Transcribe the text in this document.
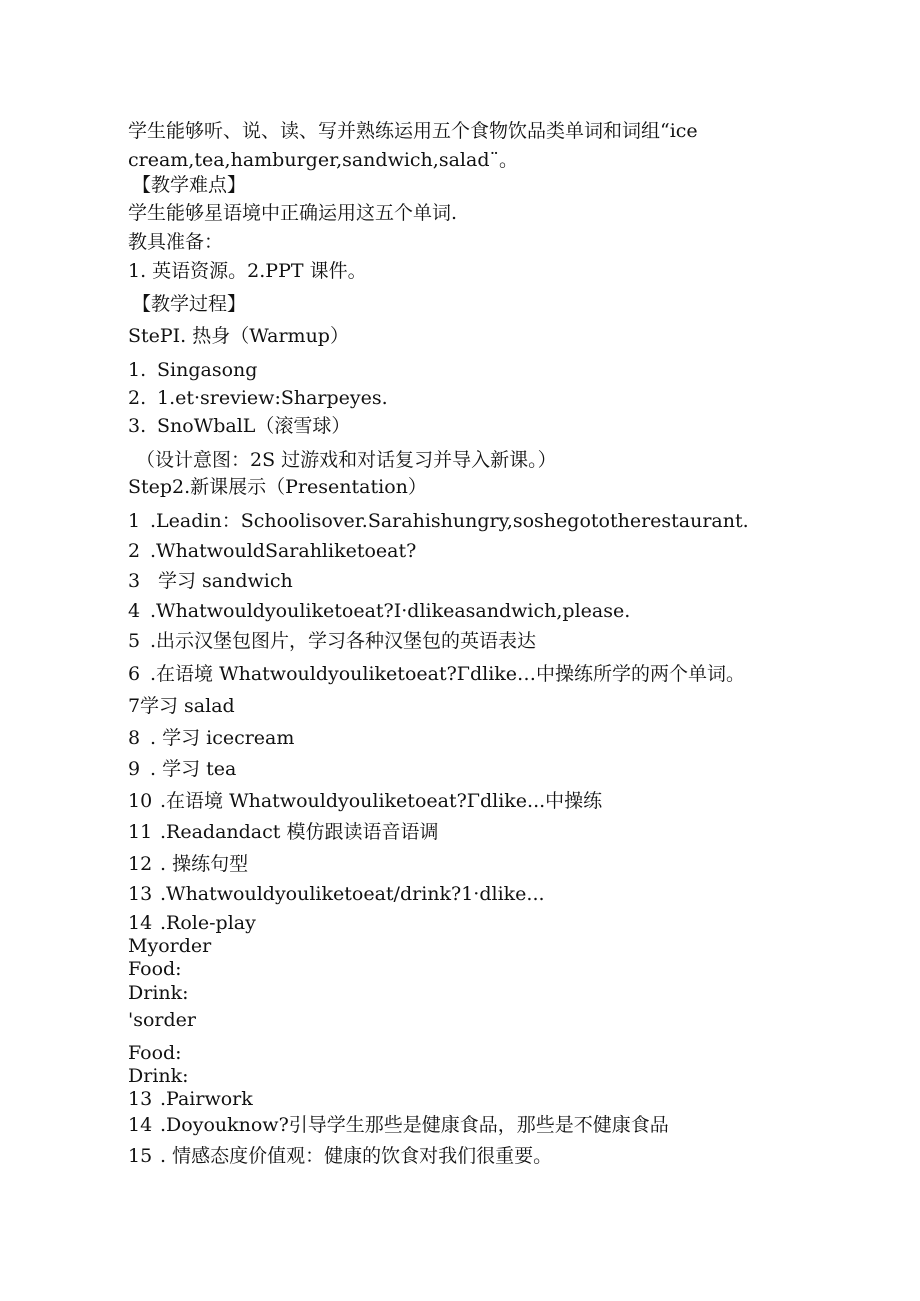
学生能够听、说、读、写并熟练运用五个食物饮品类单词和词组“ice
cream,tea,hamburger,sandwich,salad¨。
【教学难点】
学生能够星语境中正确运用这五个单词.
教具准备：
1. 英语资源。2.PPT 课件。
【教学过程】
StePI. 热身（Warmup）
1. Singasong
2. 1.et·sreview:Sharpeyes.
3. SnoWbalL（滚雪球）
（设计意图：2S 过游戏和对话复习并导入新课。）
Step2.新课展示（Presentation）
1 .Leadin：Schoolisover.Sarahishungry,soshegototherestaurant.
2 .WhatwouldSarahliketoeat?
3 学习 sandwich
4 .Whatwouldyouliketoeat?I·dlikeasandwich,please.
5 .出示汉堡包图片，学习各种汉堡包的英语表达
6 .在语境 Whatwouldyouliketoeat?Γdlike…中操练所学的两个单词。
7学习 salad
8 . 学习 icecream
9 . 学习 tea
10 .在语境 Whatwouldyouliketoeat?Γdlike...中操练
11 .Readandact 模仿跟读语音语调
12 . 操练句型
13 .Whatwouldyouliketoeat/drink?1·dlike...
14 .Role-play
Myorder
Food:
Drink:
'sorder
Food:
Drink:
13 .Pairwork
14 .Doyouknow?引导学生那些是健康食品，那些是不健康食品
15 . 情感态度价值观：健康的饮食对我们很重要。
